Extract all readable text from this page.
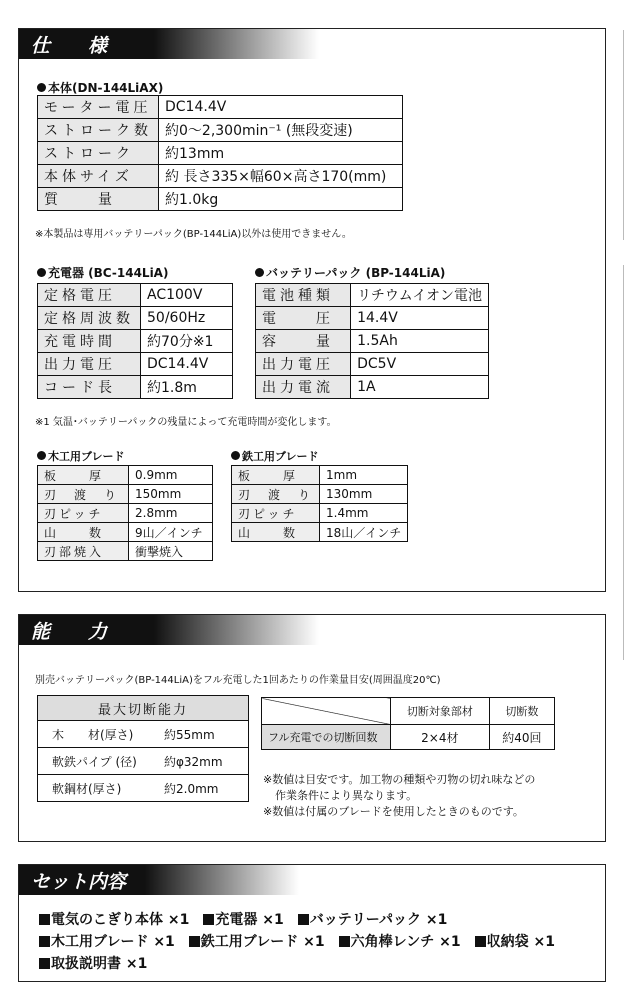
仕　　様
本体(DN-144LiAX)
モーター電圧	DC14.4V
ストローク数	約0〜2,300min⁻¹ (無段変速)
ストローク	約13mm
本体サイズ	約 長さ335×幅60×高さ170(mm)
質　　量	約1.0kg
※本製品は専用バッテリーパック(BP-144LiA)以外は使用できません。
充電器 (BC-144LiA)
定格電圧	AC100V
定格周波数	50/60Hz
充電時間	約70分※1
出力電圧	DC14.4V
コード長	約1.8m
バッテリーパック (BP-144LiA)
電池種類	リチウムイオン電池
電　　圧	14.4V
容　　量	1.5Ah
出力電圧	DC5V
出力電流	1A
※1 気温･バッテリーパックの残量によって充電時間が変化します。
木工用ブレード
板　　厚	0.9mm
刃　渡　り	150mm
刃ピッチ	2.8mm
山　　数	9山／インチ
刃部焼入	衝撃焼入
鉄工用ブレード
板　　厚	1mm
刃　渡　り	130mm
刃ピッチ	1.4mm
山　　数	18山／インチ
能　　力
別売バッテリーパック(BP-144LiA)をフル充電した1回あたりの作業量目安(周囲温度20℃)
最大切断能力
木　　材(厚さ)	約55mm
軟鉄パイプ (径) 約φ32mm
軟鋼材(厚さ)	約2.0mm
	切断対象部材	切断数
フル充電での切断回数	2×4材	約40回
※数値は目安です。加工物の種類や刃物の切れ味などの
作業条件により異なります。
※数値は付属のブレードを使用したときのものです。
セット内容
電気のこぎり本体 ×1 充電器 ×1 バッテリーパック ×1
木工用ブレード ×1 鉄工用ブレード ×1 六角棒レンチ ×1 収納袋 ×1
取扱説明書 ×1
